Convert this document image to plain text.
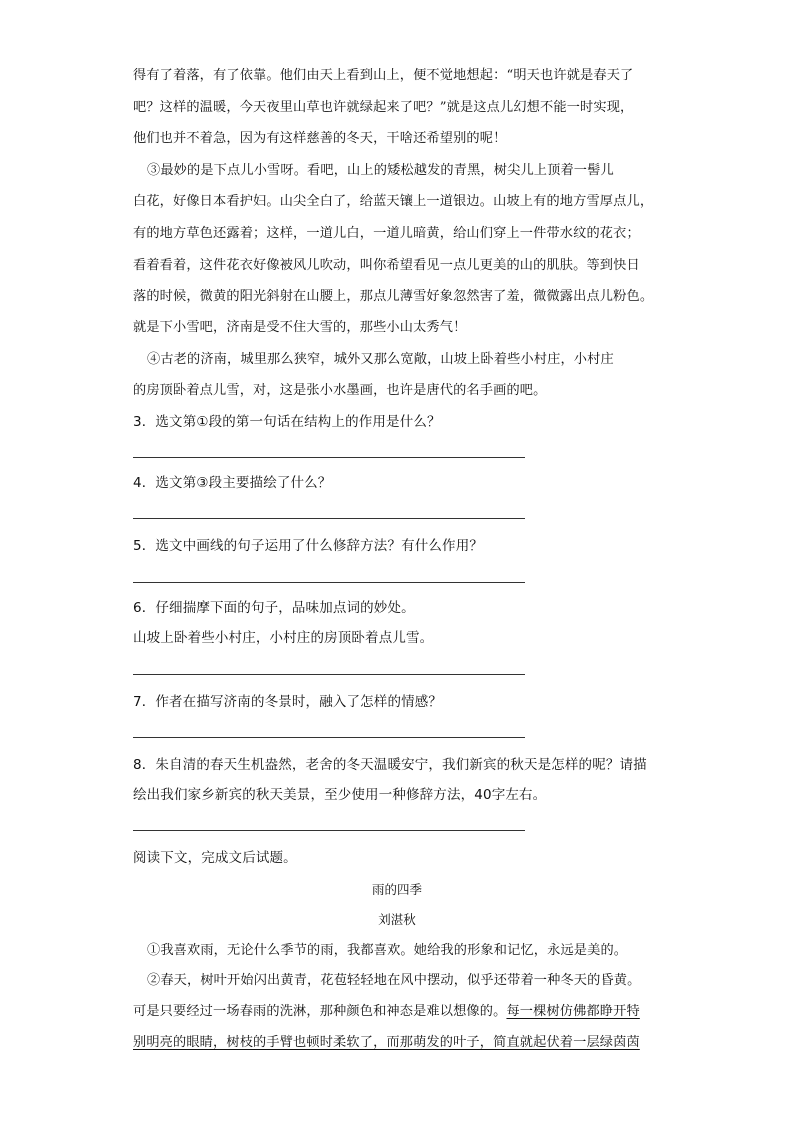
得有了着落，有了依靠。他们由天上看到山上，便不觉地想起：“明天也许就是春天了
吧？这样的温暖，今天夜里山草也许就绿起来了吧？”就是这点儿幻想不能一时实现，
他们也并不着急，因为有这样慈善的冬天，干啥还希望别的呢！
③最妙的是下点儿小雪呀。看吧，山上的矮松越发的青黑，树尖儿上顶着一髻儿
白花，好像日本看护妇。山尖全白了，给蓝天镶上一道银边。山坡上有的地方雪厚点儿，
有的地方草色还露着；这样，一道儿白，一道儿暗黄，给山们穿上一件带水纹的花衣；
看着看着，这件花衣好像被风儿吹动，叫你希望看见一点儿更美的山的肌肤。等到快日
落的时候，微黄的阳光斜射在山腰上，那点儿薄雪好象忽然害了羞，微微露出点儿粉色。
就是下小雪吧，济南是受不住大雪的，那些小山太秀气！
④古老的济南，城里那么狭窄，城外又那么宽敞，山坡上卧着些小村庄，小村庄
的房顶卧着点儿雪，对，这是张小水墨画，也许是唐代的名手画的吧。
3．选文第①段的第一句话在结构上的作用是什么？
4．选文第③段主要描绘了什么？
5．选文中画线的句子运用了什么修辞方法？有什么作用？
6．仔细揣摩下面的句子，品味加点词的妙处。
山坡上卧着些小村庄，小村庄的房顶卧着点儿雪。
7．作者在描写济南的冬景时，融入了怎样的情感？
8．朱自清的春天生机盎然，老舍的冬天温暖安宁，我们新宾的秋天是怎样的呢？请描
绘出我们家乡新宾的秋天美景，至少使用一种修辞方法，40字左右。
阅读下文，完成文后试题。
雨的四季
刘湛秋
①我喜欢雨，无论什么季节的雨，我都喜欢。她给我的形象和记忆，永远是美的。
②春天，树叶开始闪出黄青，花苞轻轻地在风中摆动，似乎还带着一种冬天的昏黄。
可是只要经过一场春雨的洗淋，那种颜色和神态是难以想像的。每一棵树仿佛都睁开特
别明亮的眼睛，树枝的手臂也顿时柔软了，而那萌发的叶子，简直就起伏着一层绿茵茵
